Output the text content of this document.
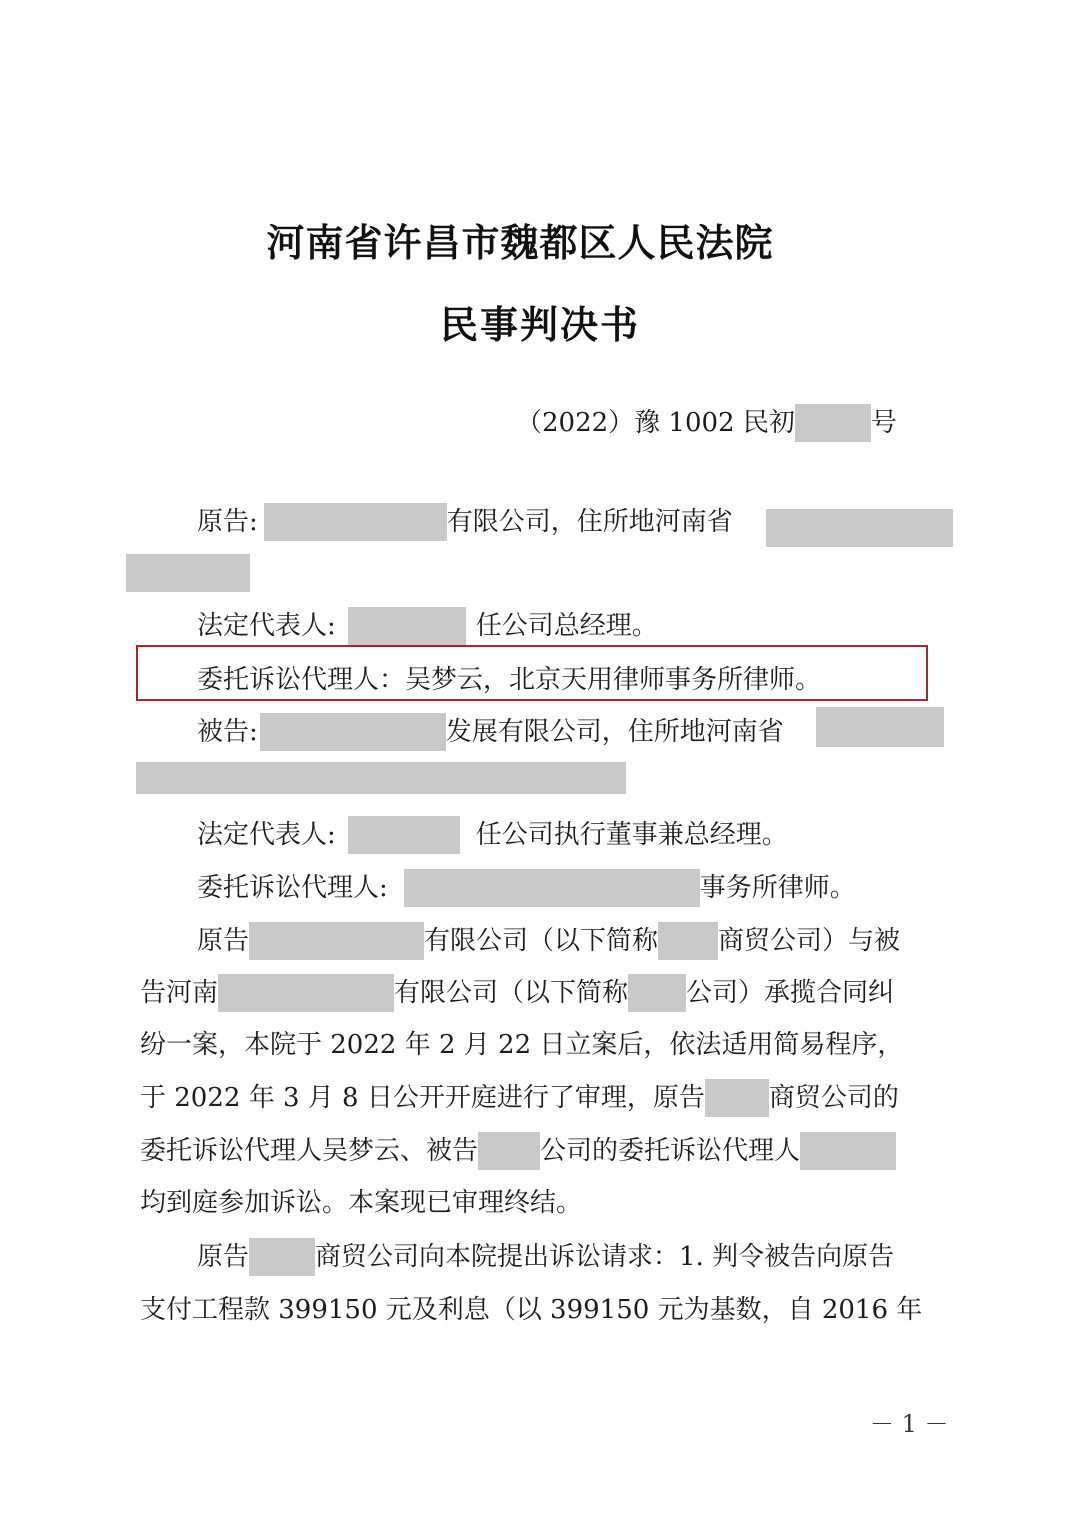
河南省许昌市魏都区人民法院
民事判决书
（2022）豫 1002 民初	号
原告:	有限公司，住所地河南省
法定代表人:	任公司总经理。
委托诉讼代理人：吴梦云，北京天用律师事务所律师。
被告:	发展有限公司，住所地河南省
法定代表人:	任公司执行董事兼总经理。
委托诉讼代理人:	事务所律师。
原告	有限公司（以下简称 商贸公司）与被
告河南	有限公司（以下简称 公司）承揽合同纠
纷一案，本院于 2022 年 2 月 22 日立案后，依法适用简易程序，
于 2022 年 3 月 8 日公开开庭进行了审理，原告 商贸公司的
委托诉讼代理人吴梦云、被告 公司的委托诉讼代理人
均到庭参加诉讼。本案现已审理终结。
原告	商贸公司向本院提出诉讼请求：1. 判令被告向原告
支付工程款 399150 元及利息（以 399150 元为基数，自 2016 年
－ 1 －
